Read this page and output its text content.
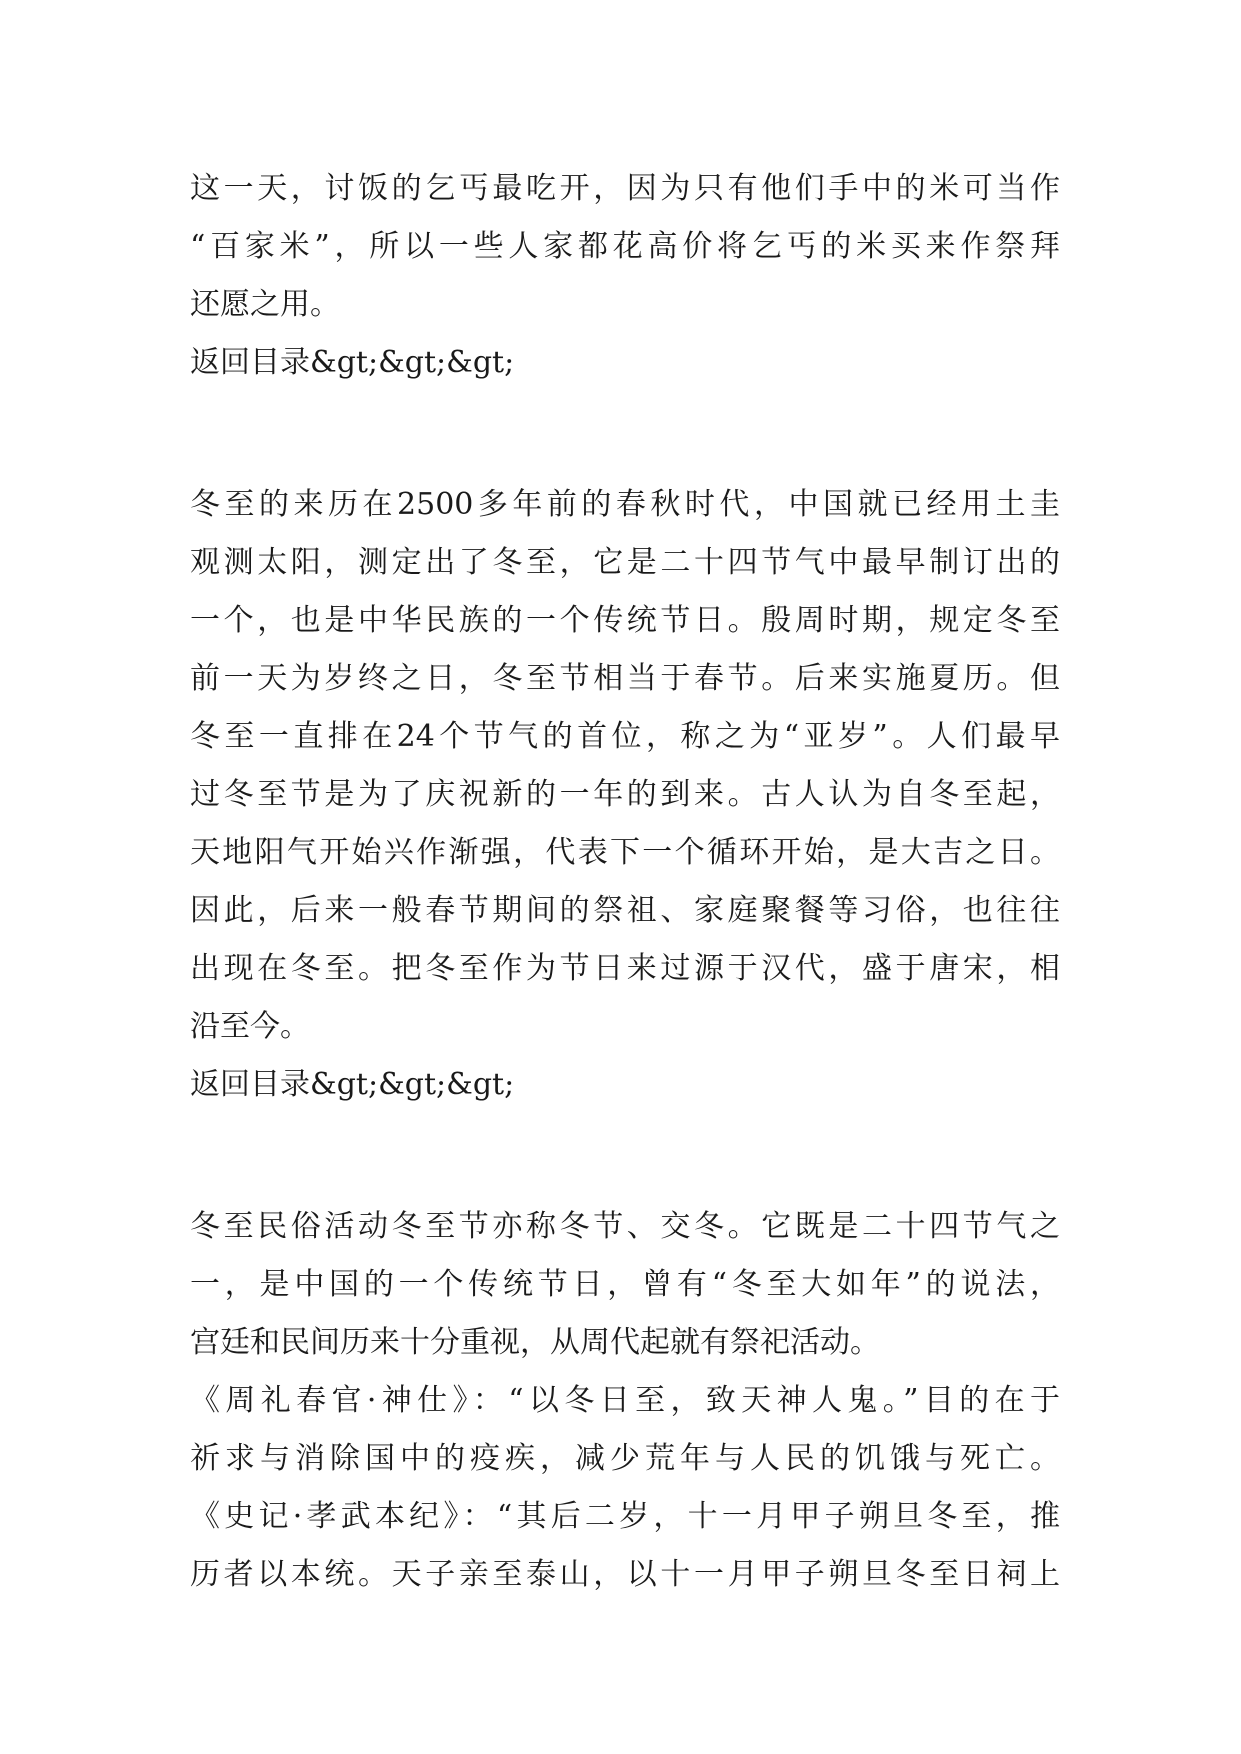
这一天，讨饭的乞丐最吃开，因为只有他们手中的米可当作
“百家米”，所以一些人家都花高价将乞丐的米买来作祭拜
还愿之用。
返回目录&gt;&gt;&gt;
冬至的来历在2500多年前的春秋时代，中国就已经用土圭
观测太阳，测定出了冬至，它是二十四节气中最早制订出的
一个，也是中华民族的一个传统节日。殷周时期，规定冬至
前一天为岁终之日，冬至节相当于春节。后来实施夏历。但
冬至一直排在24个节气的首位，称之为“亚岁”。人们最早
过冬至节是为了庆祝新的一年的到来。古人认为自冬至起，
天地阳气开始兴作渐强，代表下一个循环开始，是大吉之日。
因此，后来一般春节期间的祭祖、家庭聚餐等习俗，也往往
出现在冬至。把冬至作为节日来过源于汉代，盛于唐宋，相
沿至今。
返回目录&gt;&gt;&gt;
冬至民俗活动冬至节亦称冬节、交冬。它既是二十四节气之
一，是中国的一个传统节日，曾有“冬至大如年”的说法，
宫廷和民间历来十分重视，从周代起就有祭祀活动。
《周礼春官·神仕》：“以冬日至，致天神人鬼。”目的在于
祈求与消除国中的疫疾，减少荒年与人民的饥饿与死亡。
《史记·孝武本纪》：“其后二岁，十一月甲子朔旦冬至，推
历者以本统。天子亲至泰山，以十一月甲子朔旦冬至日祠上
